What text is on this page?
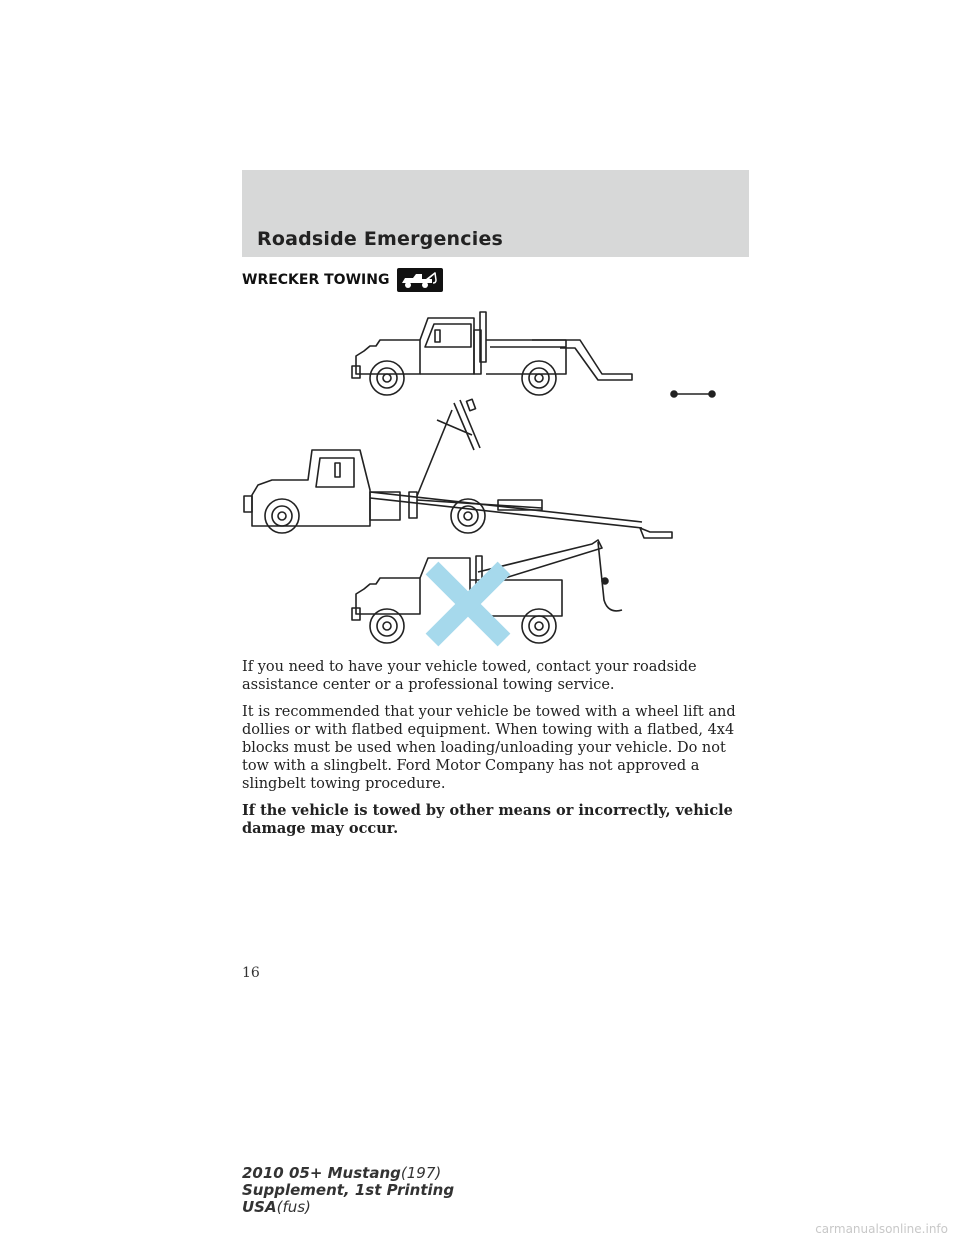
Roadside Emergencies
WRECKER TOWING

If you need to have your vehicle towed, contact your roadside assistance center or a professional towing service.

It is recommended that your vehicle be towed with a wheel lift and dollies or with flatbed equipment. When towing with a flatbed, 4x4 blocks must be used when loading/unloading your vehicle. Do not tow with a slingbelt. Ford Motor Company has not approved a slingbelt towing procedure.

If the vehicle is towed by other means or incorrectly, vehicle damage may occur.

16
2010 05+ Mustang(197)
Supplement, 1st Printing
USA(fus)
carmanualsonline.info
